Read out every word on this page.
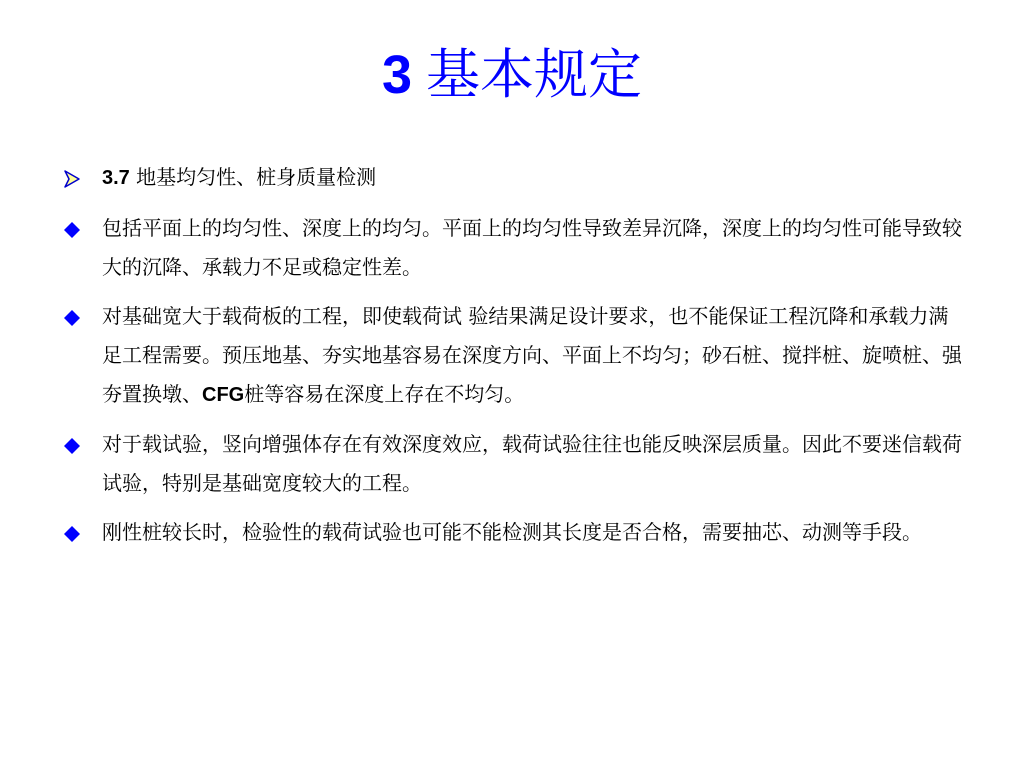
3 基本规定
3.7 地基均匀性、桩身质量检测
包括平面上的均匀性、深度上的均匀。平面上的均匀性导致差异沉降，深度上的均匀性可能导致较大的沉降、承载力不足或稳定性差。
对基础宽大于载荷板的工程，即使载荷试 验结果满足设计要求，也不能保证工程沉降和承载力满足工程需要。预压地基、夯实地基容易在深度方向、平面上不均匀；砂石桩、搅拌桩、旋喷桩、强夯置换墩、CFG桩等容易在深度上存在不均匀。
对于载试验，竖向增强体存在有效深度效应，载荷试验往往也能反映深层质量。因此不要迷信载荷试验，特别是基础宽度较大的工程。
刚性桩较长时，检验性的载荷试验也可能不能检测其长度是否合格，需要抽芯、动测等手段。
